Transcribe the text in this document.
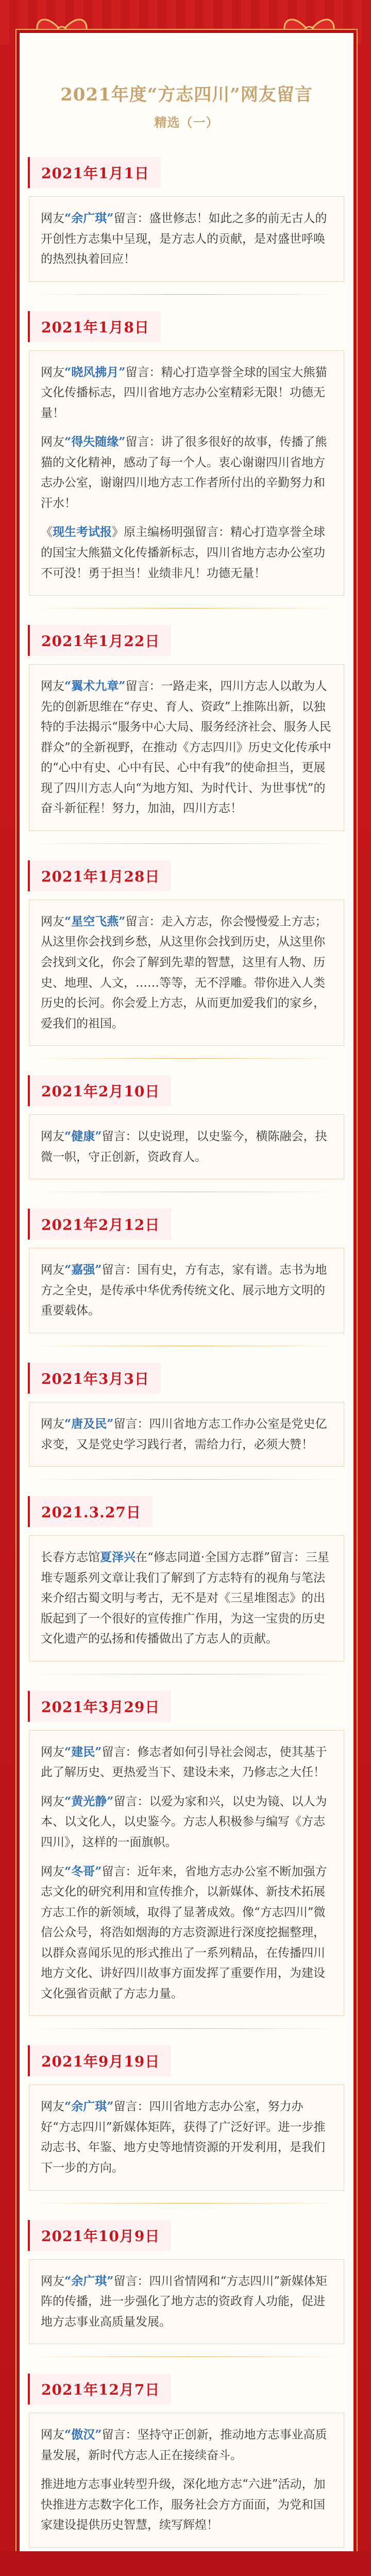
2021年度“方志四川”网友留言
精选（一）
2021年1月1日
网友“余广琪”留言：盛世修志！如此之多的前无古人的开创性方志集中呈现，是方志人的贡献，是对盛世呼唤的热烈执着回应！
2021年1月8日
网友“晓风拂月”留言：精心打造享誉全球的国宝大熊猫文化传播标志，四川省地方志办公室精彩无限！功德无量！
网友“得失随缘”留言：讲了很多很好的故事，传播了熊猫的文化精神，感动了每一个人。衷心谢谢四川省地方志办公室，谢谢四川地方志工作者所付出的辛勤努力和汗水！
《现生考试报》原主编杨明强留言：精心打造享誉全球的国宝大熊猫文化传播新标志，四川省地方志办公室功不可没！勇于担当！业绩非凡！功德无量！
2021年1月22日
网友“翼术九章”留言：一路走来，四川方志人以敢为人先的创新思维在“存史、育人、资政”上推陈出新，以独特的手法揭示“服务中心大局、服务经济社会、服务人民群众”的全新视野，在推动《方志四川》历史文化传承中的“心中有史、心中有民、心中有我”的使命担当，更展现了四川方志人向“为地方知、为时代计、为世事忧”的奋斗新征程！努力，加油，四川方志！
2021年1月28日
网友“星空飞燕”留言：走入方志，你会慢慢爱上方志；从这里你会找到乡愁，从这里你会找到历史，从这里你会找到文化，你会了解到先辈的智慧，这里有人物、历史、地理、人文，……等等，无不浮雕。带你进入人类历史的长河。你会爱上方志，从而更加爱我们的家乡，爱我们的祖国。
2021年2月10日
网友“健康”留言：以史说理，以史鉴今，横陈融会，抉微一帜，守正创新，资政育人。
2021年2月12日
网友“嘉强”留言：国有史，方有志，家有谱。志书为地方之全史，是传承中华优秀传统文化、展示地方文明的重要载体。
2021年3月3日
网友“唐及民”留言：四川省地方志工作办公室是党史亿求变，又是党史学习践行者，需给力行，必须大赞！
2021.3.27日
长春方志馆夏泽兴在“修志同道·全国方志群”留言：三星堆专题系列文章让我们了解到了方志特有的视角与笔法来介绍古蜀文明与考古，无不是对《三星堆图志》的出版起到了一个很好的宣传推广作用，为这一宝贵的历史文化遗产的弘扬和传播做出了方志人的贡献。
2021年3月29日
网友“建民”留言：修志者如何引导社会阅志，使其基于此了解历史、更热爱当下、建设未来，乃修志之大任！
网友“黄光静”留言：以爱为家和兴，以史为镜、以人为本、以文化人，以史鉴今。方志人积极参与编写《方志四川》，这样的一面旗帜。
网友“冬哥”留言：近年来，省地方志办公室不断加强方志文化的研究利用和宣传推介，以新媒体、新技术拓展方志工作的新领域，取得了显著成效。像“方志四川”微信公众号，将浩如烟海的方志资源进行深度挖掘整理，以群众喜闻乐见的形式推出了一系列精品，在传播四川地方文化、讲好四川故事方面发挥了重要作用，为建设文化强省贡献了方志力量。
2021年9月19日
网友“余广琪”留言：四川省地方志办公室，努力办好“方志四川”新媒体矩阵，获得了广泛好评。进一步推动志书、年鉴、地方史等地情资源的开发利用，是我们下一步的方向。
2021年10月9日
网友“余广琪”留言：四川省情网和“方志四川”新媒体矩阵的传播，进一步强化了地方志的资政育人功能，促进地方志事业高质量发展。
2021年12月7日
网友“傲汉”留言：坚持守正创新，推动地方志事业高质量发展，新时代方志人正在接续奋斗。
推进地方志事业转型升级，深化地方志“六进”活动，加快推进方志数字化工作，服务社会方方面面，为党和国家建设提供历史智慧，续写辉煌！
